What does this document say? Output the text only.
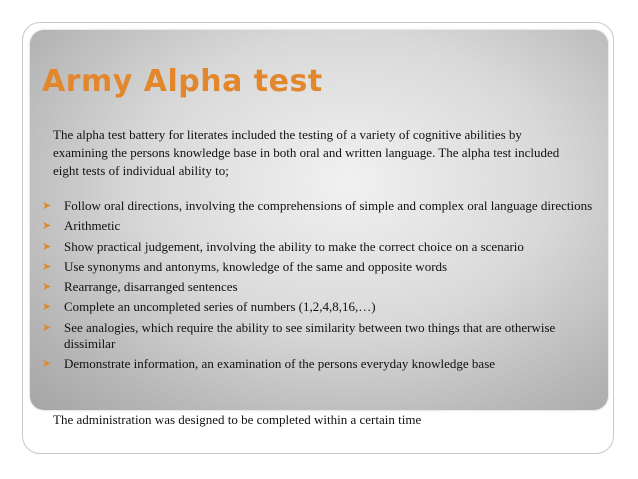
Army Alpha test

The alpha test battery for literates included the testing of a variety of cognitive abilities by examining the persons knowledge base in both oral and written language. The alpha test included eight tests of individual ability to;

➤ Follow oral directions, involving the comprehensions of simple and complex oral language directions
➤ Arithmetic
➤ Show practical judgement, involving the ability to make the correct choice on a scenario
➤ Use synonyms and antonyms, knowledge of the same and opposite words
➤ Rearrange, disarranged sentences
➤ Complete an uncompleted series of numbers (1,2,4,8,16,…)
➤ See analogies, which require the ability to see similarity between two things that are otherwise dissimilar
➤ Demonstrate information, an examination of the persons everyday knowledge base

The administration was designed to be completed within a certain time
